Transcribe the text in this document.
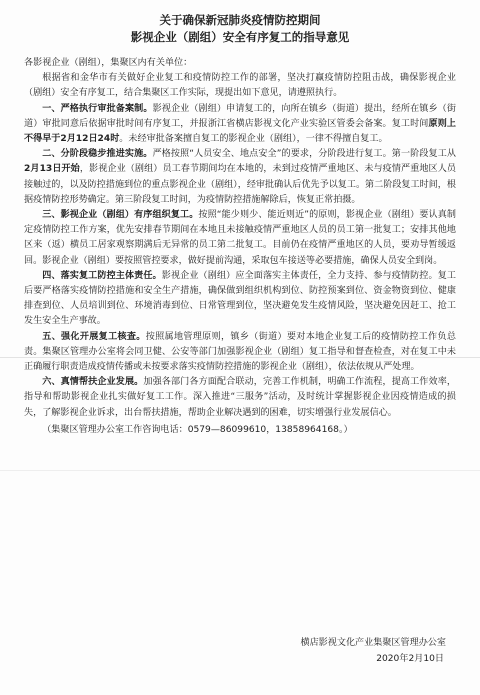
关于确保新冠肺炎疫情防控期间
影视企业（剧组）安全有序复工的指导意见
各影视企业（剧组），集聚区内有关单位：
根据省和金华市有关做好企业复工和疫情防控工作的部署，坚决打赢疫情防控阻击战，确保影视企业（剧组）安全有序复工，结合集聚区工作实际，现提出如下意见，请遵照执行。
一、严格执行审批备案制。影视企业（剧组）申请复工的，向所在镇乡（街道）提出，经所在镇乡（街道）审批同意后依据审批时间有序复工，并报浙江省横店影视文化产业实验区管委会备案。复工时间原则上不得早于2月12日24时。未经审批备案擅自复工的影视企业（剧组），一律不得擅自复工。
二、分阶段稳步推进实施。严格按照“人员安全、地点安全”的要求，分阶段进行复工。第一阶段复工从2月13日开始，影视企业（剧组）员工春节期间均在本地的，未到过疫情严重地区、未与疫情严重地区人员接触过的，以及防控措施到位的重点影视企业（剧组），经审批确认后优先予以复工。第二阶段复工时间，根据疫情防控形势确定。第三阶段复工时间，为疫情防控措施解除后，恢复正常拍摄。
三、影视企业（剧组）有序组织复工。按照“能少则少、能近则近”的原则，影视企业（剧组）要认真制定疫情防控工作方案，优先安排春节期间在本地且未接触疫情严重地区人员的员工第一批复工；安排其他地区来（返）横员工居家观察期满后无异常的员工第二批复工。目前仍在疫情严重地区的人员，要劝导暂缓返回。影视企业（剧组）要按照管控要求，做好提前沟通，采取包车接送等必要措施，确保人员安全到岗。
四、落实复工防控主体责任。影视企业（剧组）应全面落实主体责任，全力支持、参与疫情防控。复工后要严格落实疫情防控措施和安全生产措施，确保做到组织机构到位、防控预案到位、资金物资到位、健康排查到位、人员培训到位、环境消毒到位、日常管理到位，坚决避免发生疫情风险，坚决避免因赶工、抢工发生安全生产事故。
五、强化开展复工核查。按照属地管理原则，镇乡（街道）要对本地企业复工后的疫情防控工作负总责。集聚区管理办公室将会同卫健、公安等部门加强影视企业（剧组）复工指导和督查检查，对在复工中未正确履行职责造成疫情传播或未按要求落实疫情防控措施的影视企业（剧组），依法依规从严处理。
六、真情帮扶企业发展。加强各部门各方面配合联动，完善工作机制，明确工作流程，提高工作效率，指导和帮助影视企业扎实做好复工工作。深入推进“三服务”活动，及时统计掌握影视企业因疫情造成的损失，了解影视企业诉求，出台帮扶措施，帮助企业解决遇到的困难，切实增强行业发展信心。
（集聚区管理办公室工作咨询电话：0579—86099610，13858964168。）
横店影视文化产业集聚区管理办公室
2020年2月10日
